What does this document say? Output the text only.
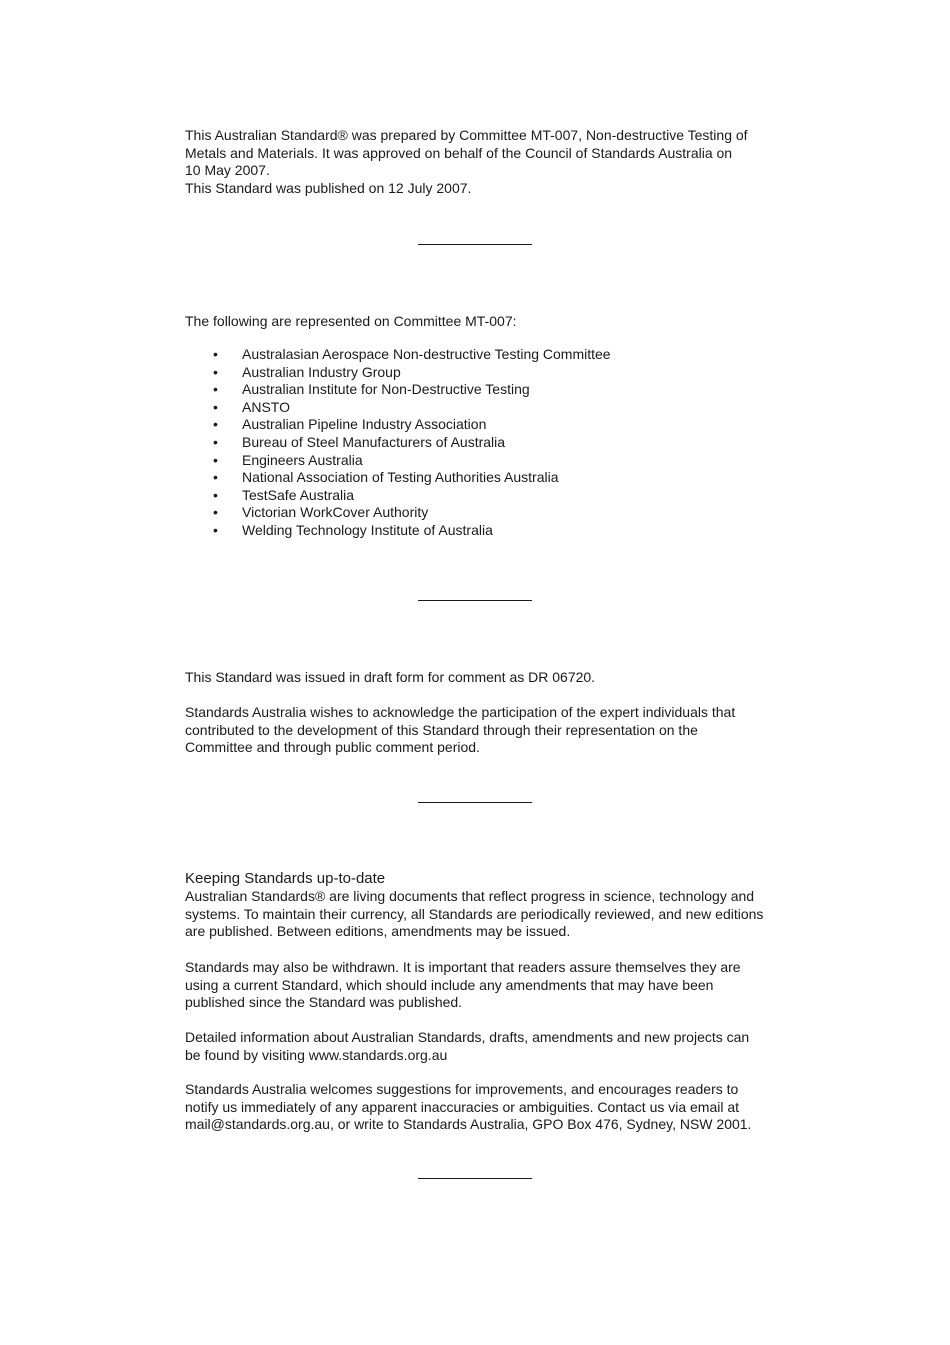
This Australian Standard® was prepared by Committee MT-007, Non-destructive Testing of
Metals and Materials. It was approved on behalf of the Council of Standards Australia on
10 May 2007.
This Standard was published on 12 July 2007.
The following are represented on Committee MT-007:
• Australasian Aerospace Non-destructive Testing Committee
• Australian Industry Group
• Australian Institute for Non-Destructive Testing
• ANSTO
• Australian Pipeline Industry Association
• Bureau of Steel Manufacturers of Australia
• Engineers Australia
• National Association of Testing Authorities Australia
• TestSafe Australia
• Victorian WorkCover Authority
• Welding Technology Institute of Australia
This Standard was issued in draft form for comment as DR 06720.
Standards Australia wishes to acknowledge the participation of the expert individuals that
contributed to the development of this Standard through their representation on the
Committee and through public comment period.
Keeping Standards up-to-date
Australian Standards® are living documents that reflect progress in science, technology and
systems. To maintain their currency, all Standards are periodically reviewed, and new editions
are published. Between editions, amendments may be issued.
Standards may also be withdrawn. It is important that readers assure themselves they are
using a current Standard, which should include any amendments that may have been
published since the Standard was published.
Detailed information about Australian Standards, drafts, amendments and new projects can
be found by visiting www.standards.org.au
Standards Australia welcomes suggestions for improvements, and encourages readers to
notify us immediately of any apparent inaccuracies or ambiguities. Contact us via email at
mail@standards.org.au, or write to Standards Australia, GPO Box 476, Sydney, NSW 2001.
